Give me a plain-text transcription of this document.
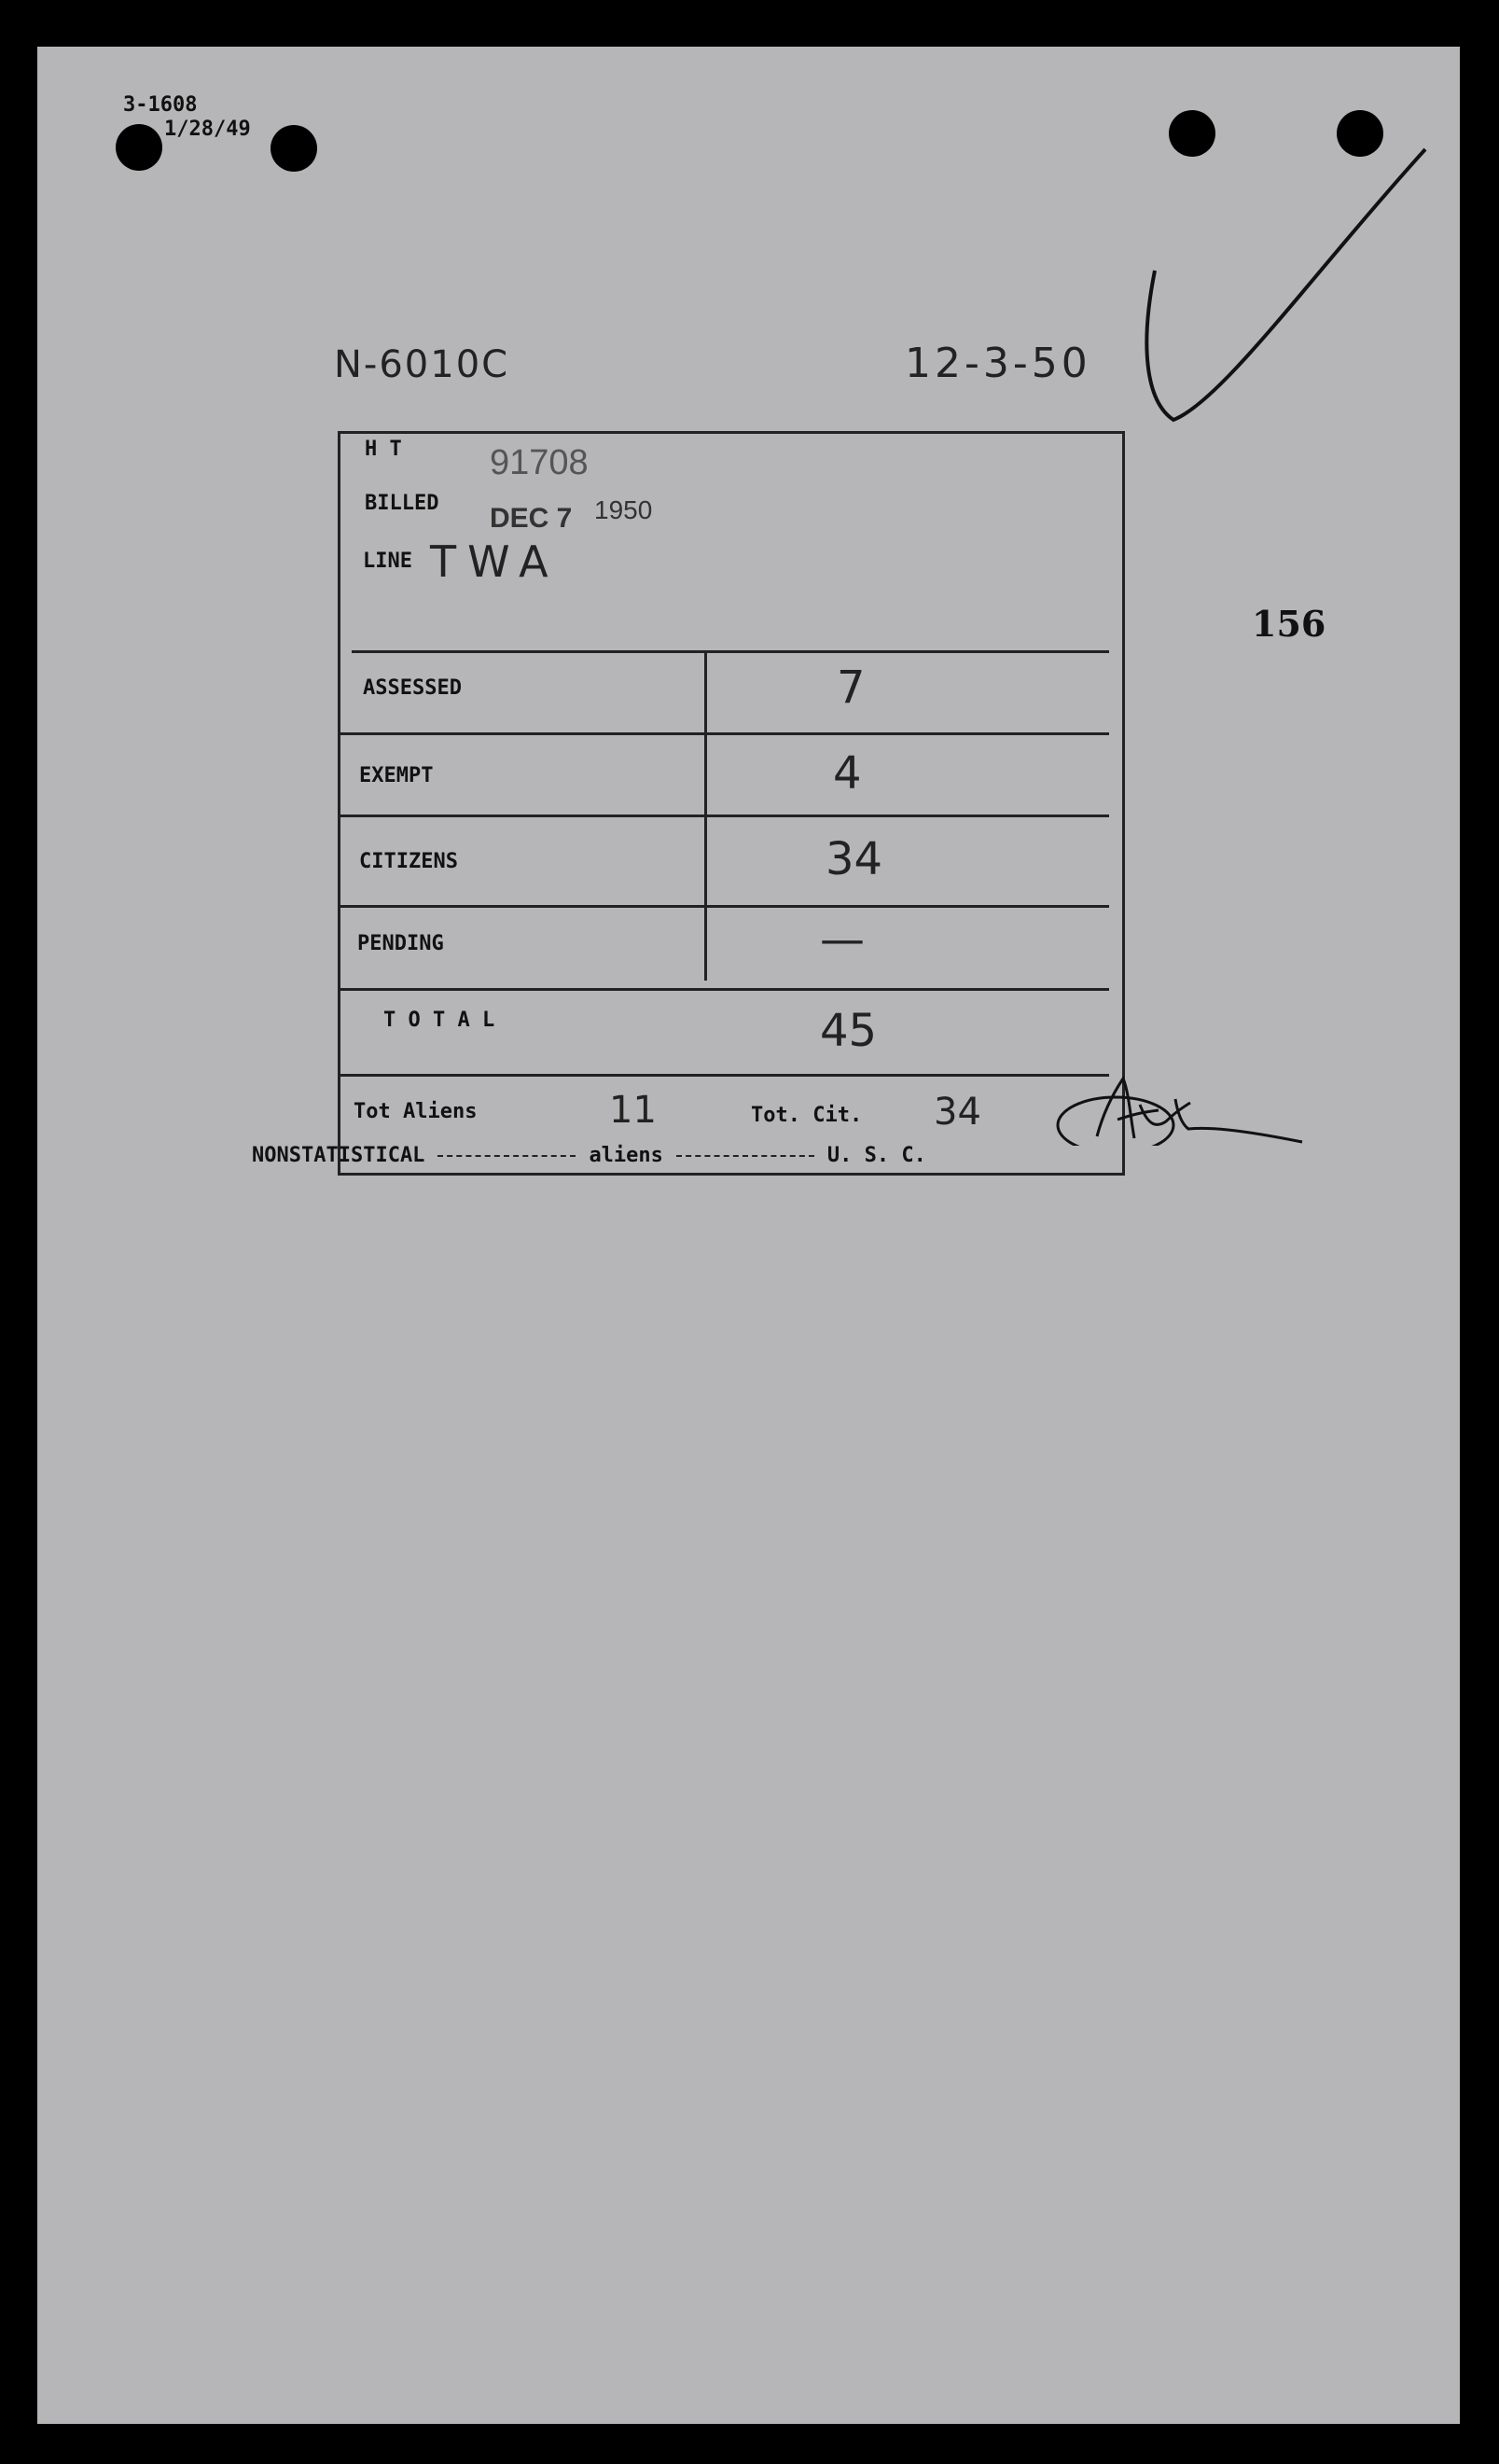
3-1608
1/28/49
N-6010C	12-3-50
H T 91708
BILLED DEC 7 1950
LINE TWA
ASSESSED	7
EXEMPT	4
CITIZENS	34
PENDING	—
T O T A L	45
Tot Aliens	11	Tot. Cit. 34
156
NONSTATISTICAL	aliens	U. S. C.
